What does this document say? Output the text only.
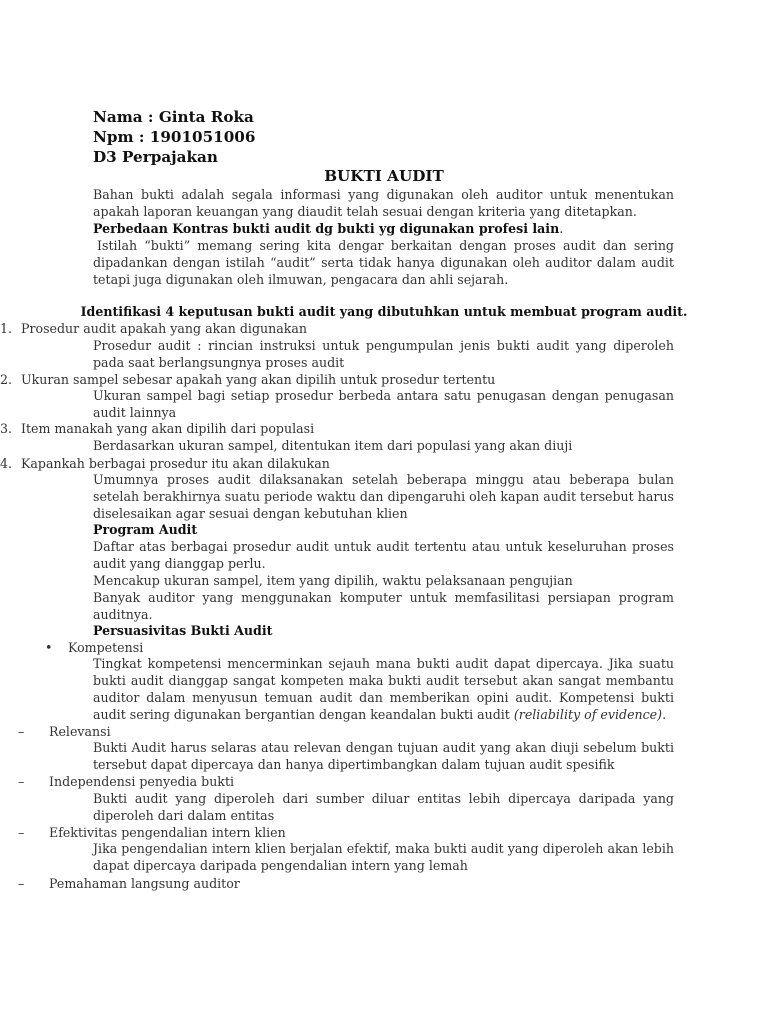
Nama : Ginta Roka
Npm : 1901051006
D3 Perpajakan
BUKTI AUDIT

Bahan bukti adalah segala informasi yang digunakan oleh auditor untuk menentukan apakah laporan keuangan yang diaudit telah sesuai dengan kriteria yang ditetapkan.

Perbedaan Kontras bukti audit dg bukti yg digunakan profesi lain.

Istilah “bukti” memang sering kita dengar berkaitan dengan proses audit dan sering dipadankan dengan istilah “audit” serta tidak hanya digunakan oleh auditor dalam audit tetapi juga digunakan oleh ilmuwan, pengacara dan ahli sejarah.

Identifikasi 4 keputusan bukti audit yang dibutuhkan untuk membuat program audit.
1. Prosedur audit apakah yang akan digunakan

Prosedur audit : rincian instruksi untuk pengumpulan jenis bukti audit yang diperoleh pada saat berlangsungnya proses audit

2. Ukuran sampel sebesar apakah yang akan dipilih untuk prosedur tertentu

Ukuran sampel bagi setiap prosedur berbeda antara satu penugasan dengan penugasan audit lainnya

3. Item manakah yang akan dipilih dari populasi

Berdasarkan ukuran sampel, ditentukan item dari populasi yang akan diuji

4. Kapankah berbagai prosedur itu akan dilakukan

Umumnya proses audit dilaksanakan setelah beberapa minggu atau beberapa bulan setelah berakhirnya suatu periode waktu dan dipengaruhi oleh kapan audit tersebut harus diselesaikan agar sesuai dengan kebutuhan klien

Program Audit

Daftar atas berbagai prosedur audit untuk audit tertentu atau untuk keseluruhan proses audit yang dianggap perlu.

Mencakup ukuran sampel, item yang dipilih, waktu pelaksanaan pengujian

Banyak auditor yang menggunakan komputer untuk memfasilitasi persiapan program auditnya.

Persuasivitas Bukti Audit
• Kompetensi

Tingkat kompetensi mencerminkan sejauh mana bukti audit dapat dipercaya. Jika suatu bukti audit dianggap sangat kompeten maka bukti audit tersebut akan sangat membantu auditor dalam menyusun temuan audit dan memberikan opini audit. Kompetensi bukti audit sering digunakan bergantian dengan keandalan bukti audit (reliability of evidence).

– Relevansi

Bukti Audit harus selaras atau relevan dengan tujuan audit yang akan diuji sebelum bukti tersebut dapat dipercaya dan hanya dipertimbangkan dalam tujuan audit spesifik

– Independensi penyedia bukti

Bukti audit yang diperoleh dari sumber diluar entitas lebih dipercaya daripada yang diperoleh dari dalam entitas

– Efektivitas pengendalian intern klien

Jika pengendalian intern klien berjalan efektif, maka bukti audit yang diperoleh akan lebih dapat dipercaya daripada pengendalian intern yang lemah

– Pemahaman langsung auditor
